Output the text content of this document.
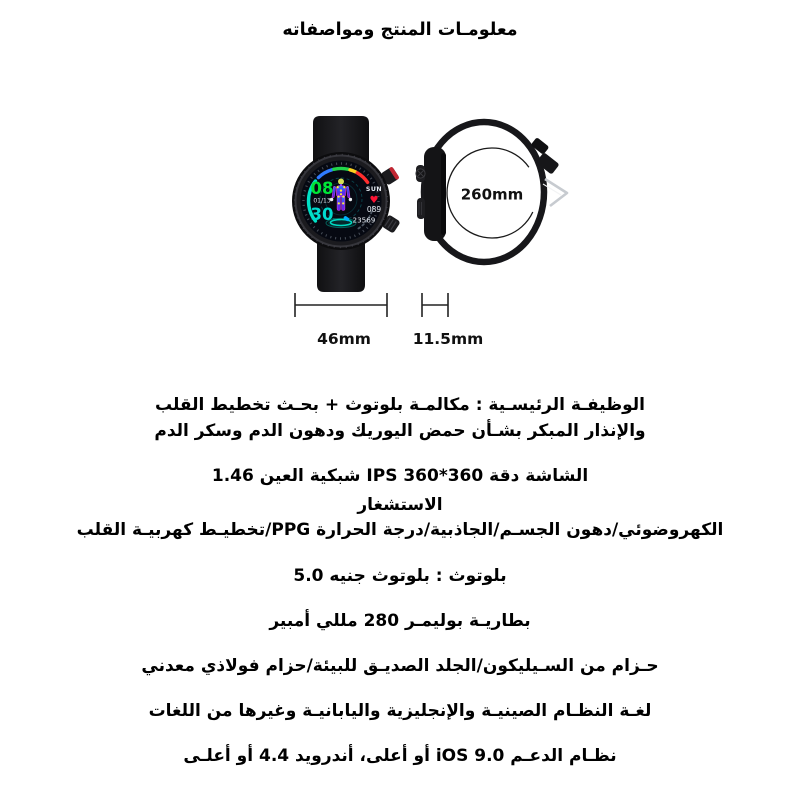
معلومـات المنتج ومواصفاته
08
01/13
30
SUN
♥
089
23569
260mm
46mm	11.5mm
الوظيفـة الرئيسـية : مكالمـة بلوتوث + بحـث تخطيط القلب
والإنذار المبكر بشـأن حمض اليوريك ودهون الدم وسكر الدم
الشاشة دقة IPS 360*360 شبكية العين 1.46
الاستشغار
الكهروضوئي/دهون الجسـم/الجاذبية/درجة الحرارة PPG/تخطيـط كهربيـة القلب
بلوتوث : بلوتوث جنيه 5.0
بطاريـة بوليمـر 280 مللي أمبير
حـزام من السـيليكون/الجلد الصديـق للبيئة/حزام فولاذي معدني
لغـة النظـام الصينيـة والإنجليزية واليابانيـة وغيرها من اللغات
نظـام الدعـم iOS 9.0 أو أعلى، أندرويد 4.4 أو أعلـى
